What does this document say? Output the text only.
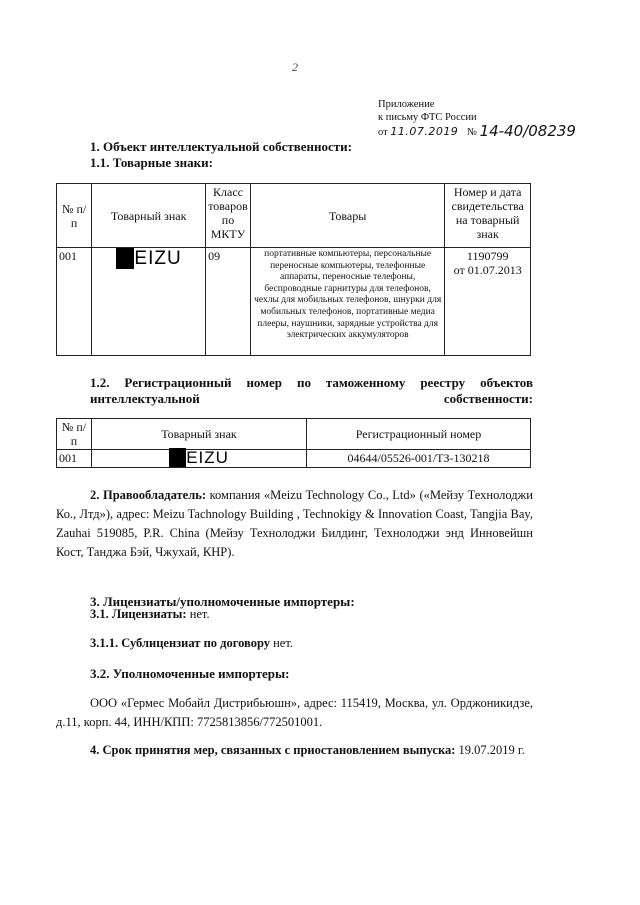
2
Приложение
к письму ФТС России
от 11.07.2019 № 14-40/08239
1. Объект интеллектуальной собственности:
1.1. Товарные знаки:
№ п/п	Товарный знак	Класс товаров по МКТУ	Товары	Номер и дата свидетельства на товарный знак
001	MEIZU	09	портативные компьютеры, персональные переносные компьютеры, телефонные аппараты, переносные телефоны, беспроводные гарнитуры для телефонов, чехлы для мобильных телефонов, шнурки для мобильных телефонов, портативные медиа плееры, наушники, зарядные устройства для электрических аккумуляторов	1190799
от 01.07.2013
1.2. Регистрационный номер по таможенному реестру объектов интеллектуальной собственности:
№ п/п	Товарный знак	Регистрационный номер
001	MEIZU	04644/05526-001/ТЗ-130218
2. Правообладатель: компания «Meizu Technology Co., Ltd» («Мейзу Технолоджи Ко., Лтд»), адрес: Meizu Tachnology Building , Technokigy & Innovation Coast, Tangjia Bay, Zauhai 519085, P.R. China (Мейзу Технолоджи Билдинг, Технолоджи энд Инновейшн Кост, Танджа Бэй, Чжухай, КНР).
3. Лицензиаты/уполномоченные импортеры:
3.1. Лицензиаты: нет.
3.1.1. Сублицензиат по договору нет.
3.2. Уполномоченные импортеры:
ООО «Гермес Мобайл Дистрибьюшн», адрес: 115419, Москва, ул. Орджоникидзе, д.11, корп. 44, ИНН/КПП: 7725813856/772501001.
4. Срок принятия мер, связанных с приостановлением выпуска: 19.07.2019 г.
